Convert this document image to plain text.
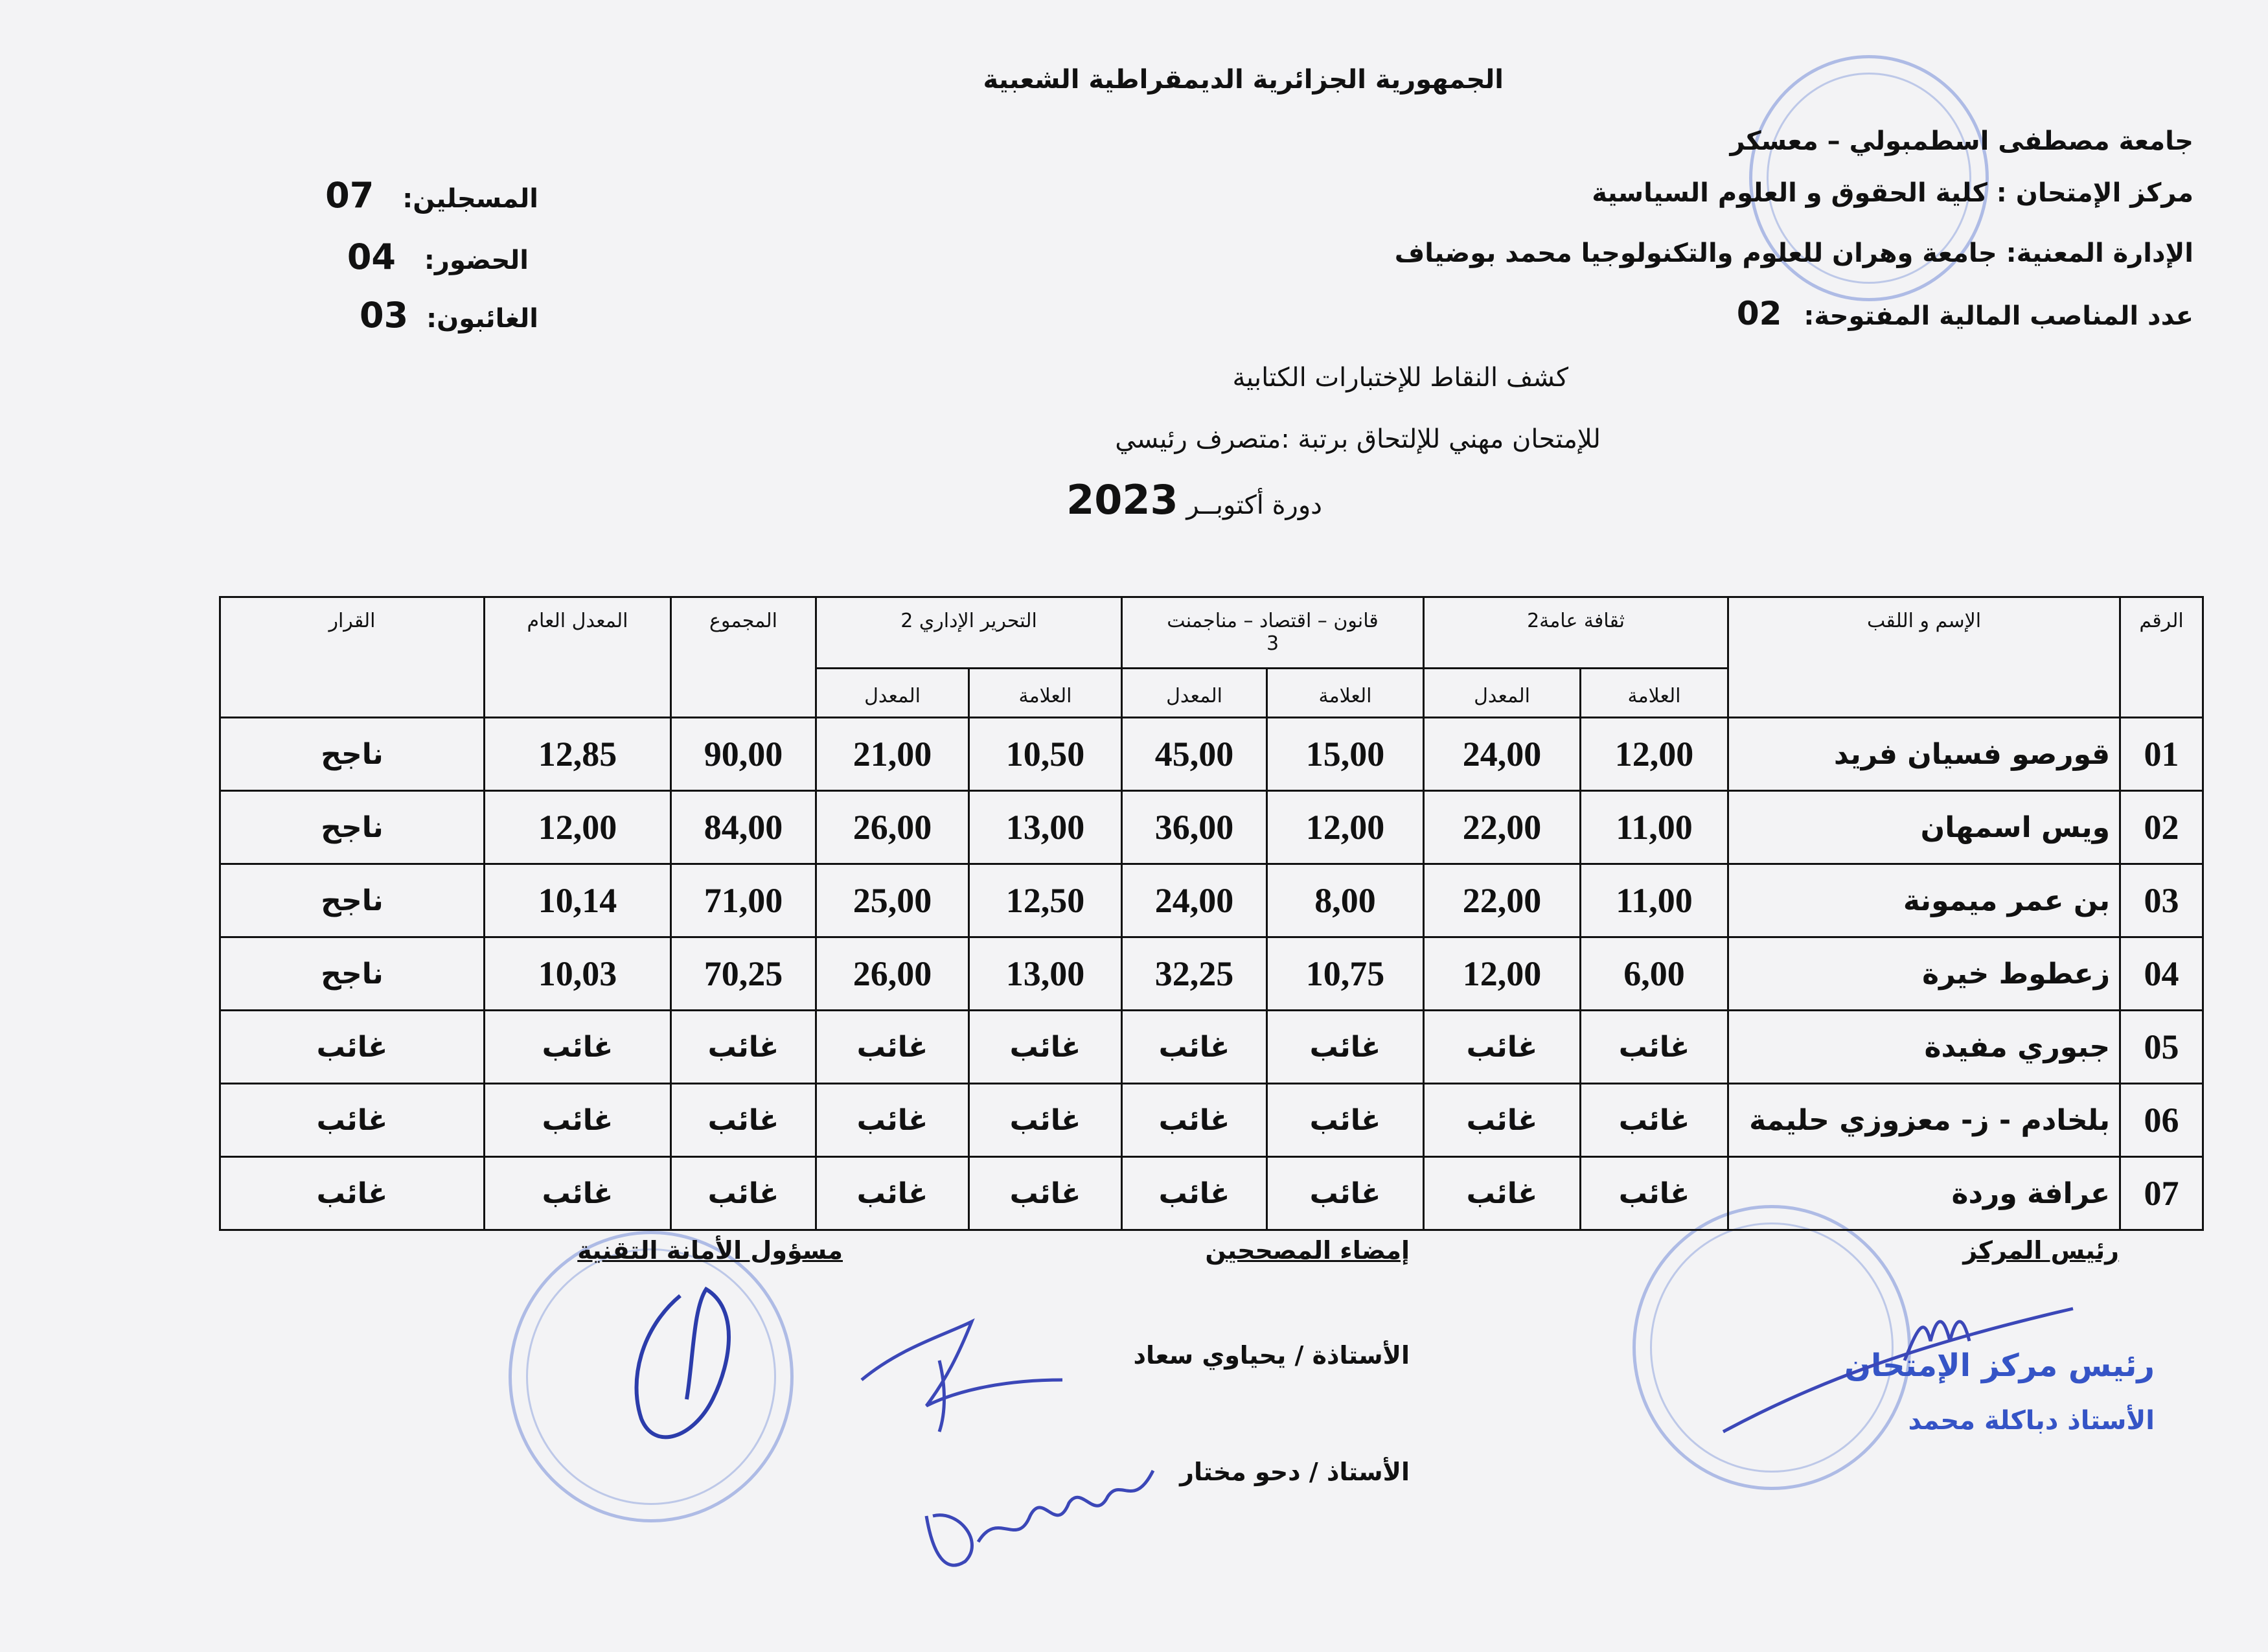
الجمهورية الجزائرية الديمقراطية الشعبية
جامعة مصطفى اسطمبولي – معسكر
مركز الإمتحان : كلية الحقوق و العلوم السياسية
الإدارة المعنية: جامعة وهران للعلوم والتكنولوجيا محمد بوضياف
عدد المناصب المالية المفتوحة: 02
المسجلين: 07
الحضور: 04
الغائبون: 03
كشف النقاط للإختبارات الكتابية
للإمتحان مهني للإلتحاق برتبة :متصرف رئيسي
دورة أكتوبــر 2023
الرقم	الإسم و اللقب	ثقافة عامة2		قانون – اقتصاد – مناجمنت
3		التحرير الإداري 2		المجموع	المعدل العام	القرار
		العلامة	المعدل	العلامة	المعدل	العلامة	المعدل			
01	قورصو فسيان فريد	12,00	24,00	15,00	45,00	10,50	21,00	90,00	12,85	ناجح
02	ويس اسمهان	11,00	22,00	12,00	36,00	13,00	26,00	84,00	12,00	ناجح
03	بن عمر ميمونة	11,00	22,00	8,00	24,00	12,50	25,00	71,00	10,14	ناجح
04	زعطوط خيرة	6,00	12,00	10,75	32,25	13,00	26,00	70,25	10,03	ناجح
05	جبوري مفيدة	غائب	غائب	غائب	غائب	غائب	غائب	غائب	غائب	غائب
06	بلخادم - ز- معزوزي حليمة	غائب	غائب	غائب	غائب	غائب	غائب	غائب	غائب	غائب
07	عرافة وردة	غائب	غائب	غائب	غائب	غائب	غائب	غائب	غائب	غائب
رئيس المركز
إمضاء المصححين
مسؤول الأمانة التقنية
الأستاذة / يحياوي سعاد
الأستاذ / دحو مختار
رئيس مركز الإمتحان
الأستاذ دباكلة محمد
